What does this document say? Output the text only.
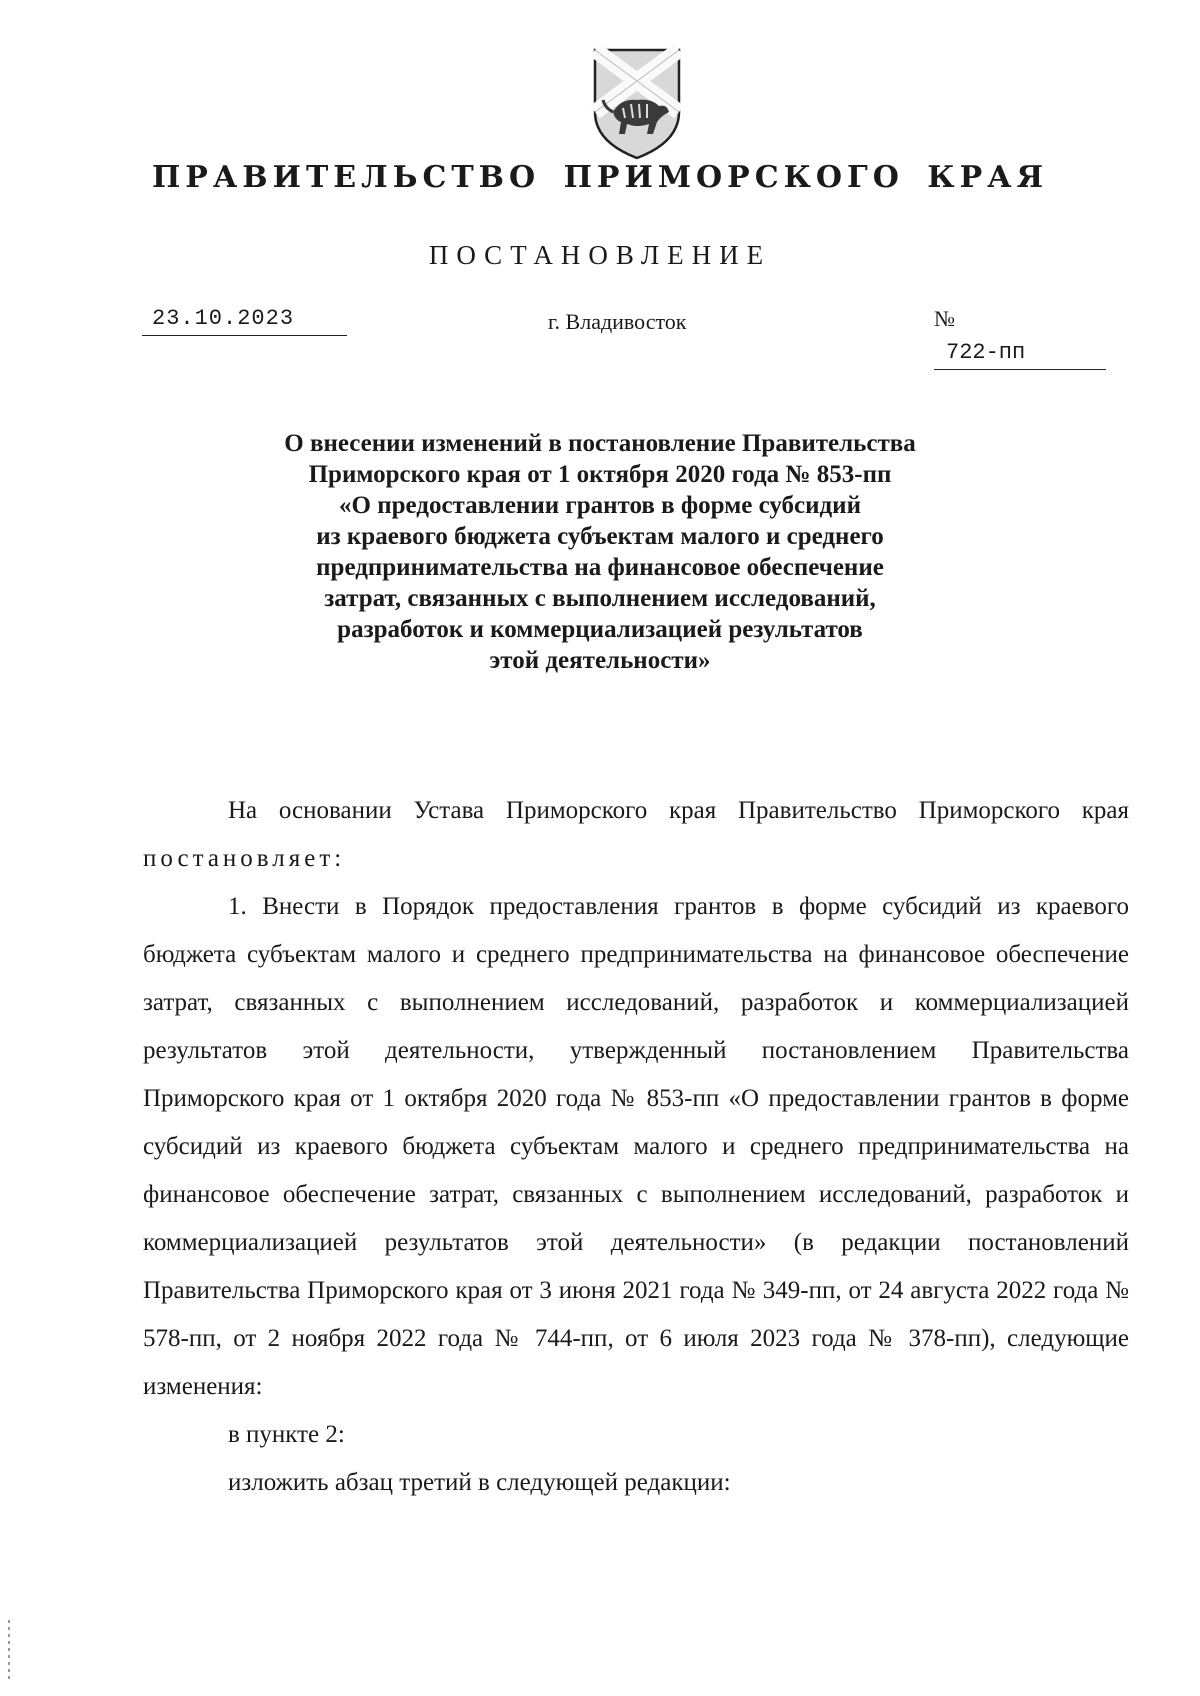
ПРАВИТЕЛЬСТВО ПРИМОРСКОГО КРАЯ
ПОСТАНОВЛЕНИЕ
23.10.2023	г. Владивосток	№722-пп
О внесении изменений в постановление Правительства
Приморского края от 1 октября 2020 года № 853-пп
«О предоставлении грантов в форме субсидий
из краевого бюджета субъектам малого и среднего
предпринимательства на финансовое обеспечение
затрат, связанных с выполнением исследований,
разработок и коммерциализацией результатов
этой деятельности»

На основании Устава Приморского края Правительство Приморского края постановляет:

1. Внести в Порядок предоставления грантов в форме субсидий из краевого бюджета субъектам малого и среднего предпринимательства на финансовое обеспечение затрат, связанных с выполнением исследований, разработок и коммерциализацией результатов этой деятельности, утвержденный постановлением Правительства Приморского края от 1 октября 2020 года № 853-пп «О предоставлении грантов в форме субсидий из краевого бюджета субъектам малого и среднего предпринимательства на финансовое обеспечение затрат, связанных с выполнением исследований, разработок и коммерциализацией результатов этой деятельности» (в редакции постановлений Правительства Приморского края от 3 июня 2021 года № 349-пп, от 24 августа 2022 года № 578-пп, от 2 ноября 2022 года № 744-пп, от 6 июля 2023 года № 378-пп), следующие изменения:

в пункте 2:

изложить абзац третий в следующей редакции:
